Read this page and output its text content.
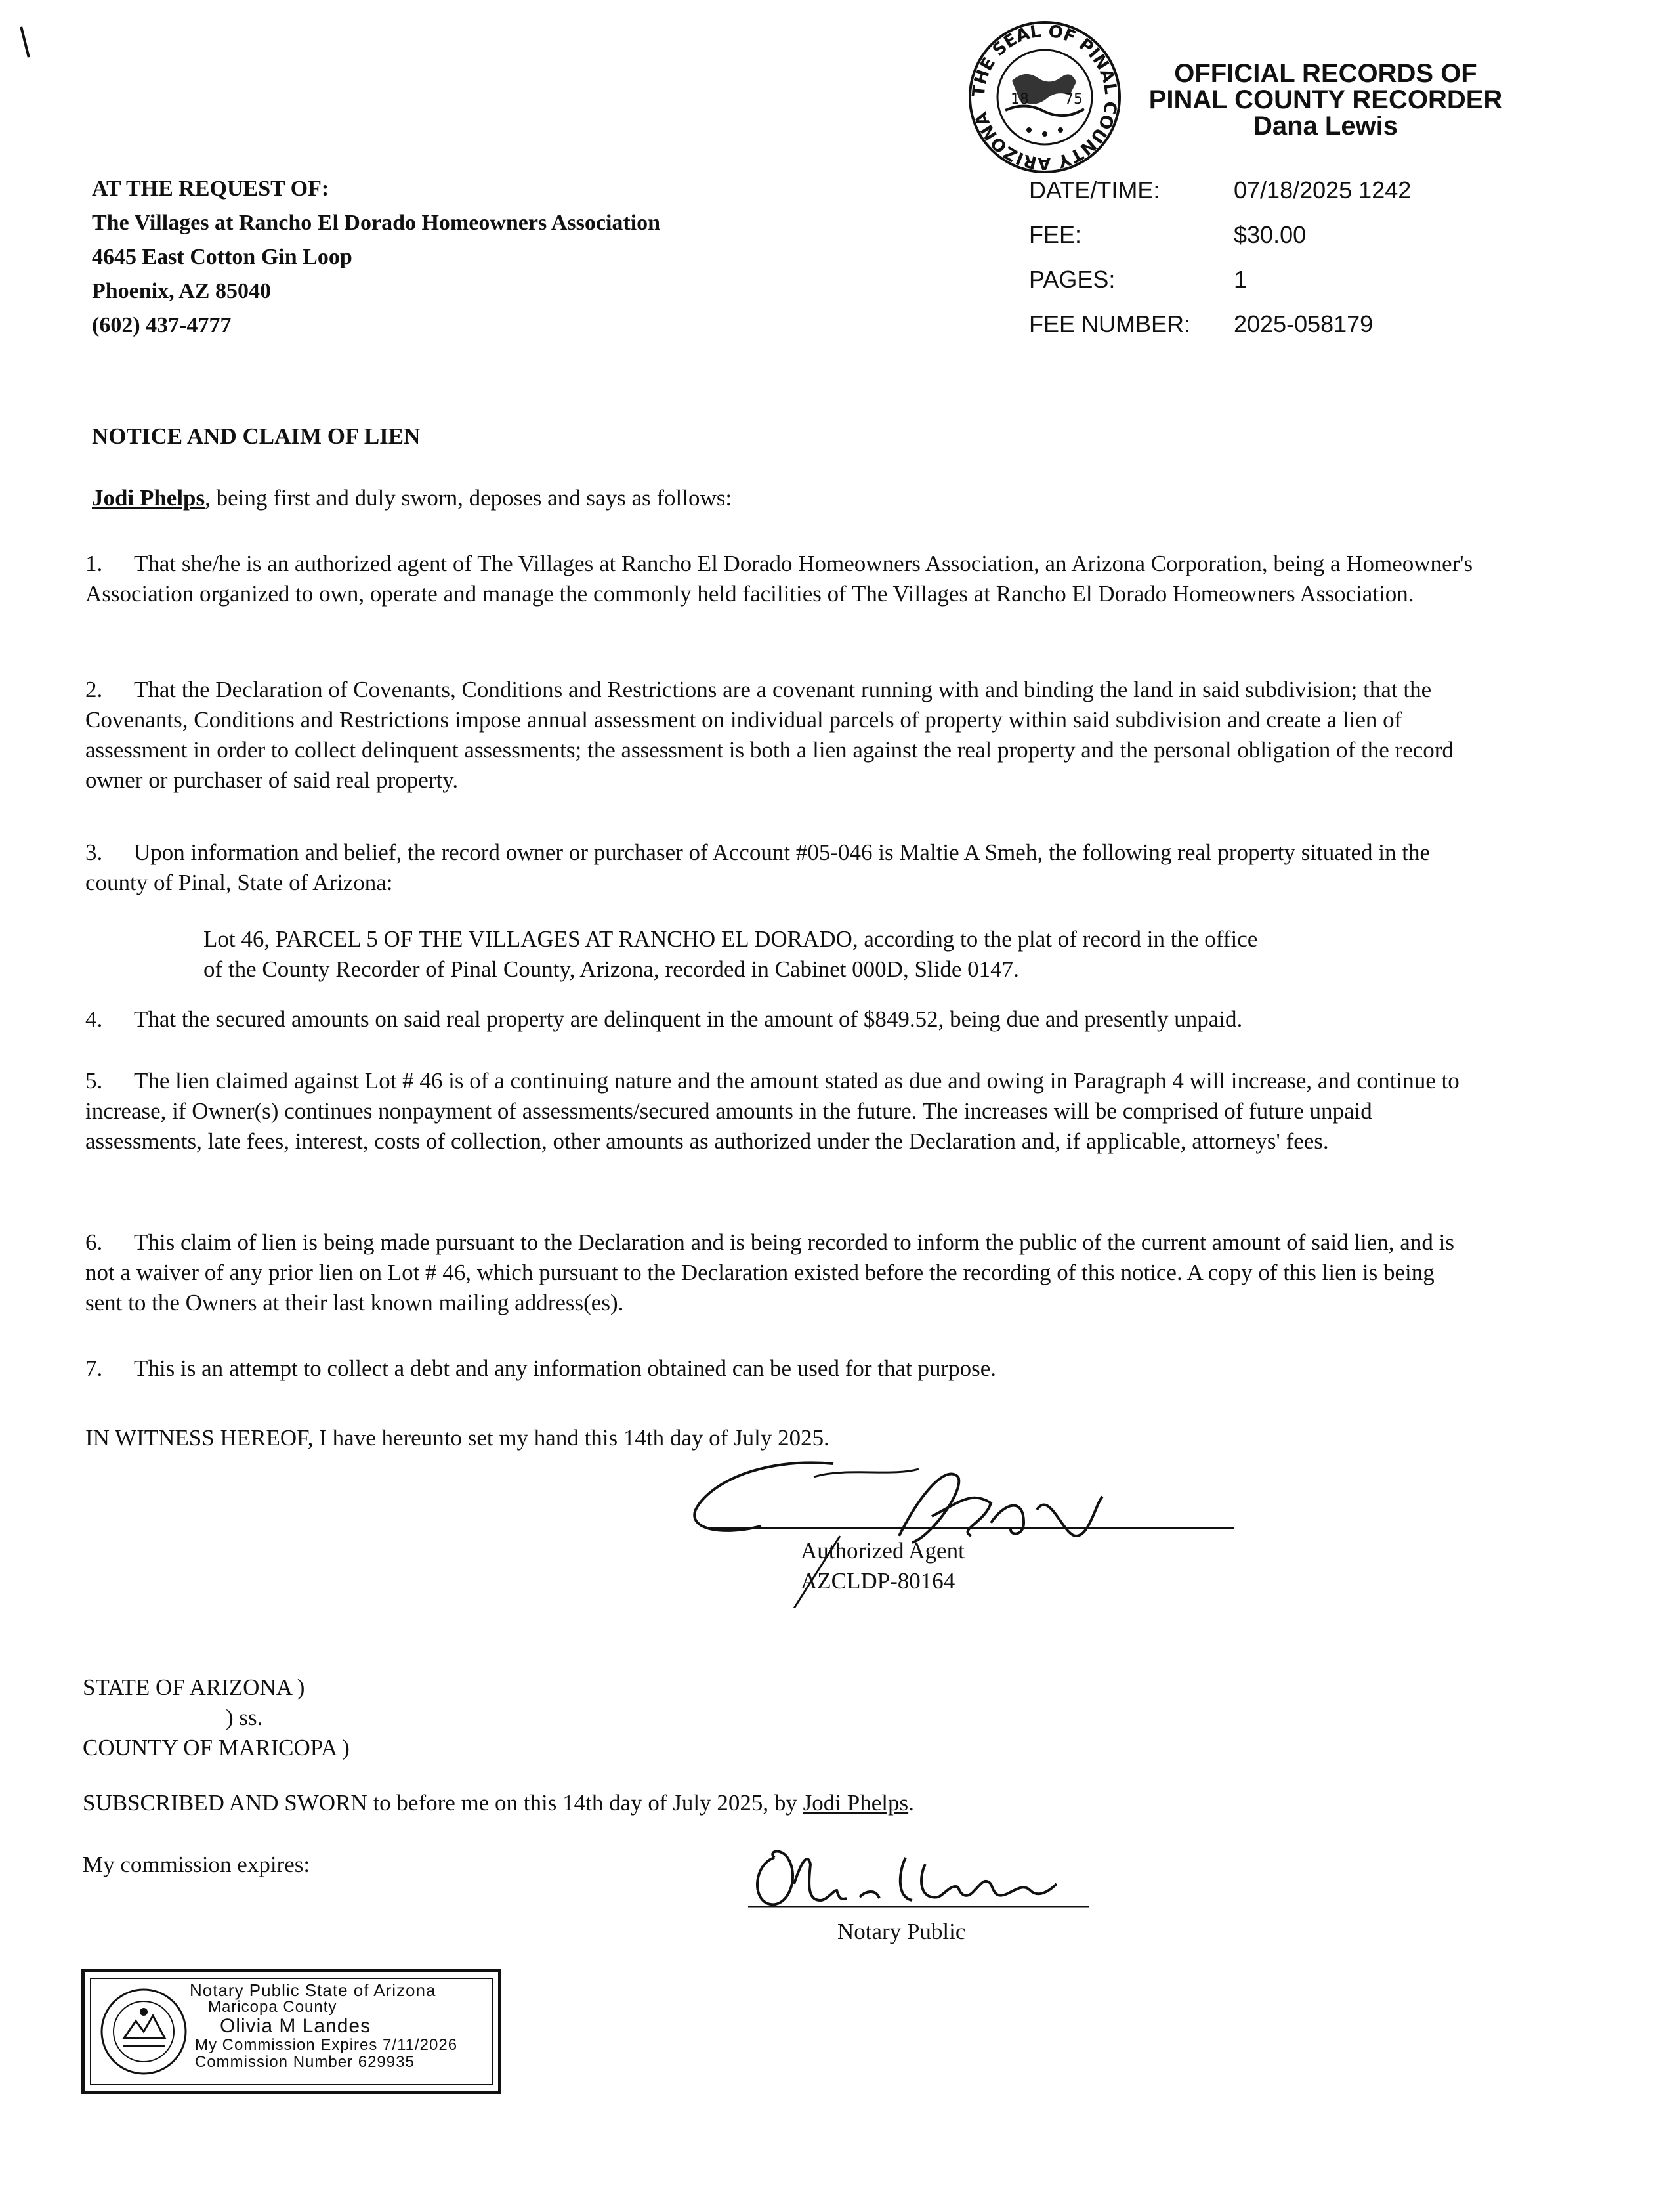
THE SEAL OF PINAL COUNTY ARIZONA
18 75
OFFICIAL RECORDS OF
PINAL COUNTY RECORDER
Dana Lewis
DATE/TIME:	07/18/2025 1242
FEE:	$30.00
PAGES:	1
FEE NUMBER: 2025-058179
AT THE REQUEST OF:
The Villages at Rancho El Dorado Homeowners Association
4645 East Cotton Gin Loop
Phoenix, AZ 85040
(602) 437-4777
NOTICE AND CLAIM OF LIEN
Jodi Phelps, being first and duly sworn, deposes and says as follows:
1. That she/he is an authorized agent of The Villages at Rancho El Dorado Homeowners Association, an Arizona Corporation, being a Homeowner's Association organized to own, operate and manage the commonly held facilities of The Villages at Rancho El Dorado Homeowners Association.
2. That the Declaration of Covenants, Conditions and Restrictions are a covenant running with and binding the land in said subdivision; that the Covenants, Conditions and Restrictions impose annual assessment on individual parcels of property within said subdivision and create a lien of assessment in order to collect delinquent assessments; the assessment is both a lien against the real property and the personal obligation of the record owner or purchaser of said real property.
3. Upon information and belief, the record owner or purchaser of Account #05-046 is Maltie A Smeh, the following real property situated in the county of Pinal, State of Arizona:
Lot 46, PARCEL 5 OF THE VILLAGES AT RANCHO EL DORADO, according to the plat of record in the office
of the County Recorder of Pinal County, Arizona, recorded in Cabinet 000D, Slide 0147.
4. That the secured amounts on said real property are delinquent in the amount of $849.52, being due and presently unpaid.
5. The lien claimed against Lot # 46 is of a continuing nature and the amount stated as due and owing in Paragraph 4 will increase, and continue to increase, if Owner(s) continues nonpayment of assessments/secured amounts in the future. The increases will be comprised of future unpaid assessments, late fees, interest, costs of collection, other amounts as authorized under the Declaration and, if applicable, attorneys' fees.
6. This claim of lien is being made pursuant to the Declaration and is being recorded to inform the public of the current amount of said lien, and is not a waiver of any prior lien on Lot # 46, which pursuant to the Declaration existed before the recording of this notice. A copy of this lien is being sent to the Owners at their last known mailing address(es).
7. This is an attempt to collect a debt and any information obtained can be used for that purpose.
IN WITNESS HEREOF, I have hereunto set my hand this 14th day of July 2025.
Authorized Agent
AZCLDP-80164
STATE OF ARIZONA )
) ss.
COUNTY OF MARICOPA )
SUBSCRIBED AND SWORN to before me on this 14th day of July 2025, by Jodi Phelps.
My commission expires:
Notary Public
Notary Public State of Arizona
Maricopa County
Olivia M Landes
My Commission Expires 7/11/2026
Commission Number 629935
